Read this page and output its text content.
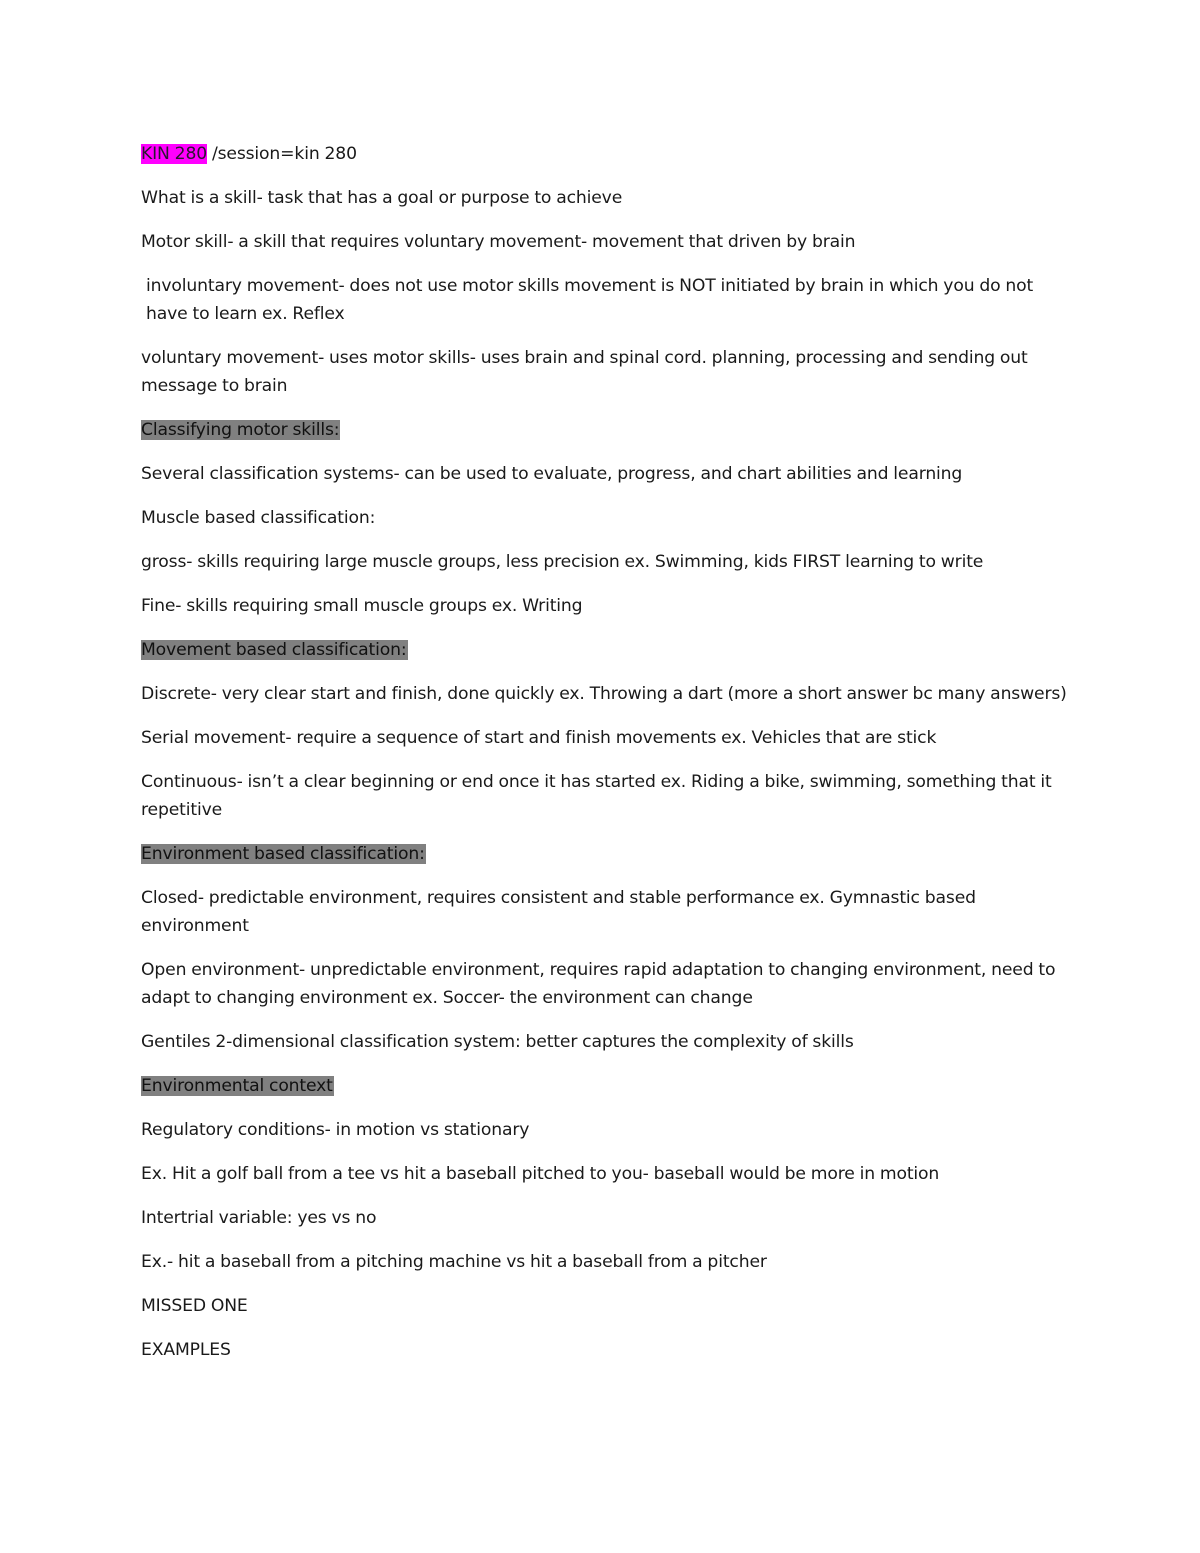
KIN 280 /session=kin 280

What is a skill- task that has a goal or purpose to achieve

Motor skill- a skill that requires voluntary movement- movement that driven by brain

involuntary movement- does not use motor skills movement is NOT initiated by brain in which you do not have to learn ex. Reflex

voluntary movement- uses motor skills- uses brain and spinal cord. planning, processing and sending out message to brain

Classifying motor skills:

Several classification systems- can be used to evaluate, progress, and chart abilities and learning

Muscle based classification:

gross- skills requiring large muscle groups, less precision ex. Swimming, kids FIRST learning to write

Fine- skills requiring small muscle groups ex. Writing

Movement based classification:

Discrete- very clear start and finish, done quickly ex. Throwing a dart (more a short answer bc many answers)

Serial movement- require a sequence of start and finish movements ex. Vehicles that are stick

Continuous- isn’t a clear beginning or end once it has started ex. Riding a bike, swimming, something that it repetitive

Environment based classification:

Closed- predictable environment, requires consistent and stable performance ex. Gymnastic based environment

Open environment- unpredictable environment, requires rapid adaptation to changing environment, need to adapt to changing environment ex. Soccer- the environment can change

Gentiles 2-dimensional classification system: better captures the complexity of skills

Environmental context

Regulatory conditions- in motion vs stationary

Ex. Hit a golf ball from a tee vs hit a baseball pitched to you- baseball would be more in motion

Intertrial variable: yes vs no

Ex.- hit a baseball from a pitching machine vs hit a baseball from a pitcher

MISSED ONE

EXAMPLES
